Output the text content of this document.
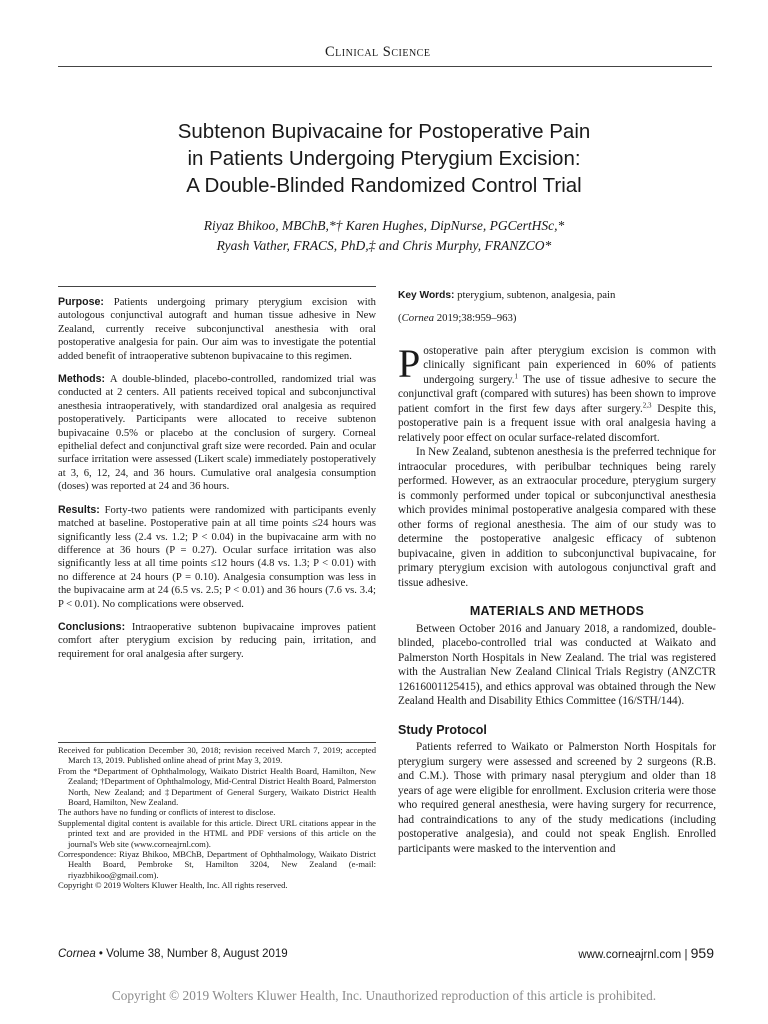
Clinical Science
Subtenon Bupivacaine for Postoperative Pain
in Patients Undergoing Pterygium Excision:
A Double-Blinded Randomized Control Trial
Riyaz Bhikoo, MBChB,*† Karen Hughes, DipNurse, PGCertHSc,*
Ryash Vather, FRACS, PhD,‡ and Chris Murphy, FRANZCO*

Purpose: Patients undergoing primary pterygium excision with autologous conjunctival autograft and human tissue adhesive in New Zealand, currently receive subconjunctival anesthesia with oral postoperative analgesia for pain. Our aim was to investigate the potential added benefit of intraoperative subtenon bupivacaine to this regimen.

Methods: A double-blinded, placebo-controlled, randomized trial was conducted at 2 centers. All patients received topical and subconjunctival anesthesia intraoperatively, with standardized oral analgesia as required postoperatively. Participants were allocated to receive subtenon bupivacaine 0.5% or placebo at the conclusion of surgery. Corneal epithelial defect and conjunctival graft size were recorded. Pain and ocular surface irritation were assessed (Likert scale) immediately postoperatively at 3, 6, 12, 24, and 36 hours. Cumulative oral analgesia consumption (doses) was reported at 24 and 36 hours.

Results: Forty-two patients were randomized with participants evenly matched at baseline. Postoperative pain at all time points ≤24 hours was significantly less (2.4 vs. 1.2; P < 0.04) in the bupivacaine arm with no difference at 36 hours (P = 0.27). Ocular surface irritation was also significantly less at all time points ≤12 hours (4.8 vs. 1.3; P < 0.01) with no difference at 24 hours (P = 0.10). Analgesia consumption was less in the bupivacaine arm at 24 (6.5 vs. 2.5; P < 0.01) and 36 hours (7.6 vs. 3.4; P < 0.01). No complications were observed.

Conclusions: Intraoperative subtenon bupivacaine improves patient comfort after pterygium excision by reducing pain, irritation, and requirement for oral analgesia after surgery.

Received for publication December 30, 2018; revision received March 7, 2019; accepted March 13, 2019. Published online ahead of print May 3, 2019.

From the *Department of Ophthalmology, Waikato District Health Board, Hamilton, New Zealand; †Department of Ophthalmology, Mid-Central District Health Board, Palmerston North, New Zealand; and ‡Department of General Surgery, Waikato District Health Board, Hamilton, New Zealand.

The authors have no funding or conflicts of interest to disclose.

Supplemental digital content is available for this article. Direct URL citations appear in the printed text and are provided in the HTML and PDF versions of this article on the journal's Web site (www.corneajrnl.com).

Correspondence: Riyaz Bhikoo, MBChB, Department of Ophthalmology, Waikato District Health Board, Pembroke St, Hamilton 3204, New Zealand (e-mail: riyazbhikoo@gmail.com).

Copyright © 2019 Wolters Kluwer Health, Inc. All rights reserved.

Key Words: pterygium, subtenon, analgesia, pain
(Cornea 2019;38:959–963)

Postoperative pain after pterygium excision is common with clinically significant pain experienced in 60% of patients undergoing surgery.$^1$ The use of tissue adhesive to secure the conjunctival graft (compared with sutures) has been shown to improve patient comfort in the first few days after surgery.$^{2,3}$ Despite this, postoperative pain is a frequent issue with oral analgesia having a relatively poor effect on ocular surface-related discomfort.

In New Zealand, subtenon anesthesia is the preferred technique for intraocular procedures, with peribulbar techniques being rarely performed. However, as an extraocular procedure, pterygium surgery is commonly performed under topical or subconjunctival anesthesia which provides minimal postoperative analgesia compared with these other forms of regional anesthesia. The aim of our study was to determine the postoperative analgesic efficacy of subtenon bupivacaine, given in addition to subconjunctival bupivacaine, for primary pterygium excision with autologous conjunctival graft and tissue adhesive.

MATERIALS AND METHODS

Between October 2016 and January 2018, a randomized, double-blinded, placebo-controlled trial was conducted at Waikato and Palmerston North Hospitals in New Zealand. The trial was registered with the Australian New Zealand Clinical Trials Registry (ANZCTR 12616001125415), and ethics approval was obtained through the New Zealand Health and Disability Ethics Committee (16/STH/144).

Study Protocol

Patients referred to Waikato or Palmerston North Hospitals for pterygium surgery were assessed and screened by 2 surgeons (R.B. and C.M.). Those with primary nasal pterygium and older than 18 years of age were eligible for enrollment. Exclusion criteria were those who required general anesthesia, were having surgery for recurrence, had contraindications to any of the study medications (including postoperative analgesia), and could not speak English. Enrolled participants were masked to the intervention and

Cornea • Volume 38, Number 8, August 2019	www.corneajrnl.com | 959
Copyright © 2019 Wolters Kluwer Health, Inc. Unauthorized reproduction of this article is prohibited.
